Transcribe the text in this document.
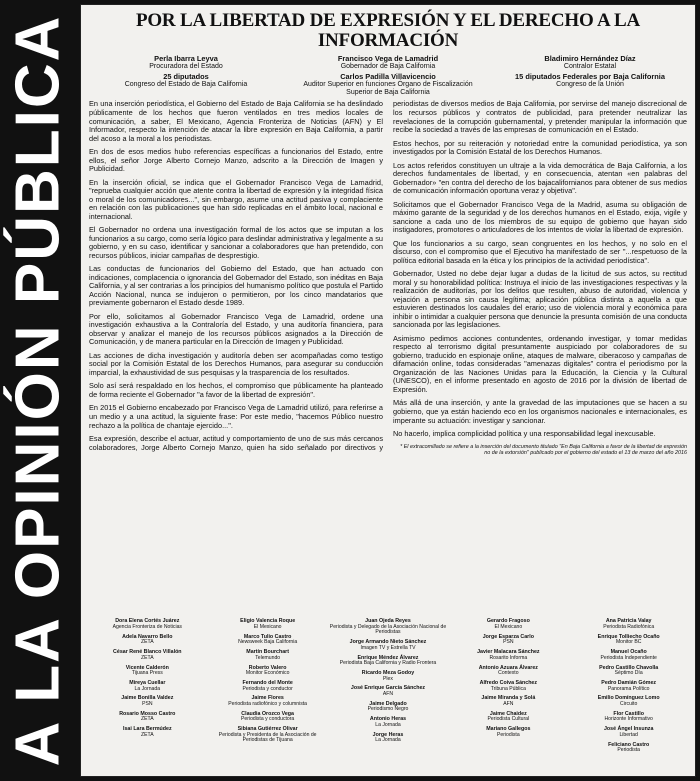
A LA OPINIÓN PÚBLICA	POR LA LIBERTAD DE EXPRESIÓN Y EL DERECHO A LA INFORMACIÓN
Perla Ibarra Leyva
Procuradora del Estado
Francisco Vega de Lamadrid
Gobernador de Baja California
Bladimiro Hernández Díaz
Contralor Estatal
25 diputados
Congreso del Estado de Baja California
Carlos Padilla Villavicencio
Auditor Superior en funciones Órgano de Fiscalización Superior de Baja California
15 diputados Federales por Baja California
Congreso de la Unión

En una inserción periodística, el Gobierno del Estado de Baja California se ha deslindado públicamente de los hechos que fueron ventilados en tres medios locales de comunicación, a saber, El Mexicano, Agencia Fronteriza de Noticias (AFN) y El Informador, respecto la intención de atacar la libre expresión en Baja California, a partir del acoso a la moral a los periodistas.

En dos de esos medios hubo referencias específicas a funcionarios del Estado, entre ellos, el señor Jorge Alberto Cornejo Manzo, adscrito a la Dirección de Imagen y Publicidad.

En la inserción oficial, se indica que el Gobernador Francisco Vega de Lamadrid, "reprueba cualquier acción que atente contra la libertad de expresión y la integridad física o moral de los comunicadores...", sin embargo, asume una actitud pasiva y complaciente en relación con las publicaciones que han sido replicadas en el ámbito local, nacional e internacional.

El Gobernador no ordena una investigación formal de los actos que se imputan a los funcionarios a su cargo, como sería lógico para deslindar administrativa y legalmente a su gobierno, y en su caso, identificar y sancionar a colaboradores que han pretendido, con recursos públicos, iniciar campañas de desprestigio.

Las conductas de funcionarios del Gobierno del Estado, que han actuado con indicaciones, complacencia o ignorancia del Gobernador del Estado, son inéditas en Baja California, y al ser contrarias a los principios del humanismo político que postula el Partido Acción Nacional, nunca se indujeron o permitieron, por los cinco mandatarios que previamente gobernaron el Estado desde 1989.

Por ello, solicitamos al Gobernador Francisco Vega de Lamadrid, ordene una investigación exhaustiva a la Contraloría del Estado, y una auditoría financiera, para observar y analizar el manejo de los recursos públicos asignados a la Dirección de Comunicación, y de manera particular en la Dirección de Imagen y Publicidad.

Las acciones de dicha investigación y auditoría deben ser acompañadas como testigo social por la Comisión Estatal de los Derechos Humanos, para asegurar su conducción imparcial, la exhaustividad de sus pesquisas y la trasparencia de los resultados.

Solo así será respaldado en los hechos, el compromiso que públicamente ha planteado de forma reciente el Gobernador "a favor de la libertad de expresión".

En 2015 el Gobierno encabezado por Francisco Vega de Lamadrid utilizó, para referirse a un medio y a una actitud, la siguiente frase: Por este medio, "hacemos Público nuestro rechazo a la política de chantaje ejercido...".

Esa expresión, describe el actuar, actitud y comportamiento de uno de sus más cercanos colaboradores, Jorge Alberto Cornejo Manzo, quien ha sido señalado por directivos y periodistas de diversos medios de Baja California, por servirse del manejo discrecional de los recursos públicos y contratos de publicidad, para pretender neutralizar las revelaciones de la corrupción gubernamental, y pretender manipular la información que recibe la sociedad a través de las empresas de comunicación en el Estado.

Estos hechos, por su reiteración y notoriedad entre la comunidad periodística, ya son investigados por la Comisión Estatal de los Derechos Humanos.

Los actos referidos constituyen un ultraje a la vida democrática de Baja California, a los derechos fundamentales de libertad, y en consecuencia, atentan «en palabras del Gobernador» "en contra del derecho de los bajacalifornianos para obtener de sus medios de comunicación información oportuna veraz y objetiva".

Solicitamos que el Gobernador Francisco Vega de la Madrid, asuma su obligación de máximo garante de la seguridad y de los derechos humanos en el Estado, exija, vigile y sancione a cada uno de los miembros de su equipo de gobierno que hayan sido instigadores, promotores o articuladores de los intentos de violar la libertad de expresión.

Que los funcionarios a su cargo, sean congruentes en los hechos, y no solo en el discurso, con el compromiso que el Ejecutivo ha manifestado de ser "...respetuoso de la política editorial basada en la ética y los principios de la actividad periodística".

Gobernador, Usted no debe dejar lugar a dudas de la licitud de sus actos, su rectitud moral y su honorabilidad política: Instruya el inicio de las investigaciones respectivas y la realización de auditorías, por los delitos que resulten, abuso de autoridad, violencia y vejación a persona sin causa legítima; aplicación pública distinta a aquella a que estuvieren destinados los caudales del erario; uso de violencia moral y económica para inhibir o intimidar a cualquier persona que denuncie la presunta comisión de una conducta sancionada por las legislaciones.

Asimismo pedimos acciones contundentes, ordenando investigar, y tomar medidas respecto al terrorismo digital presuntamente auspiciado por colaboradores de su gobierno, traducido en espionaje online, ataques de malware, ciberacoso y campañas de difamación online, todas consideradas "amenazas digitales" contra el periodismo por la Organización de las Naciones Unidas para la Educación, la Ciencia y la Cultural (UNESCO), en el informe presentado en agosto de 2016 por la división de libertad de Expresión.

Más allá de una inserción, y ante la gravedad de las imputaciones que se hacen a su gobierno, que ya están haciendo eco en los organismos nacionales e internacionales, es imperante su actuación: investigar y sancionar.

No hacerlo, implica complicidad política y una responsabilidad legal inexcusable.

* El extracomillado se refiere a la inserción del documento titulado "En Baja California a favor de la libertad de expresión no de la extorsión" publicado por el gobierno del estado el 13 de marzo del año 2016
Dora Elena Cortés Juárez
Agencia Fronteriza de Noticias
Adela Navarro Bello
ZETA
César René Blanco Villalón
ZETA
Vicente Calderón
Tijuana Press
Mireya Cuellar
La Jornada
Jaime Bonilla Valdez
PSN
Rosario Mosso Castro
ZETA
Isai Lara Bermúdez
ZETA
Eligio Valencia Roque
El Mexicano
Marco Tulio Castro
Newsweek Baja California
Martín Bourchart
Telemundo
Roberto Valero
Monitor Económico
Fernando del Monte
Periodista y conductor
Jaime Flores
Periodista radiofónico y columnista
Claudia Orozco Vega
Periodista y conductora
Sibiana Gutiérrez Olivar
Periodista y Presidenta de la Asociación de Periodistas de Tijuana
Juan Ojeda Reyes
Periodista y Delegado de la Asociación Nacional de Periodistas
Jorge Armando Nieto Sánchez
Imagen TV y Estrella TV
Enrique Méndez Álvarez
Periodista Baja California y Radio Frontera
Ricardo Meza Godoy
Plex
José Enrique García Sánchez
AFN
Jaime Delgado
Periodismo Negro
Antonio Heras
La Jornada
Jorge Heras
La Jornada
Gerardo Fragoso
El Mexicano
Jorge Esparza Carlo
PSN
Javier Malacara Sánchez
Rosarito Informa
Antonio Azuara Álvarez
Contexto
Alfredo Coiva Sánchez
Tribuna Pública
Jaime Miranda y Solá
AFN
Jaime Chaidez
Periodista Cultural
Mariano Gallegos
Periodista
Ana Patricia Valay
Periodista Radiofónica
Enrique Tolliecho Ocaño
Monitor BC
Manuel Ocaño
Periodista Independiente
Pedro Castillo Chavolla
Séptimo Día
Pedro Damián Gómez
Panorama Político
Emilio Domínguez Lomo
Circuito
Flor Castillo
Horizonte Informativo
José Ángel Insunza
Libertad
Feliciano Castro
Periodista
